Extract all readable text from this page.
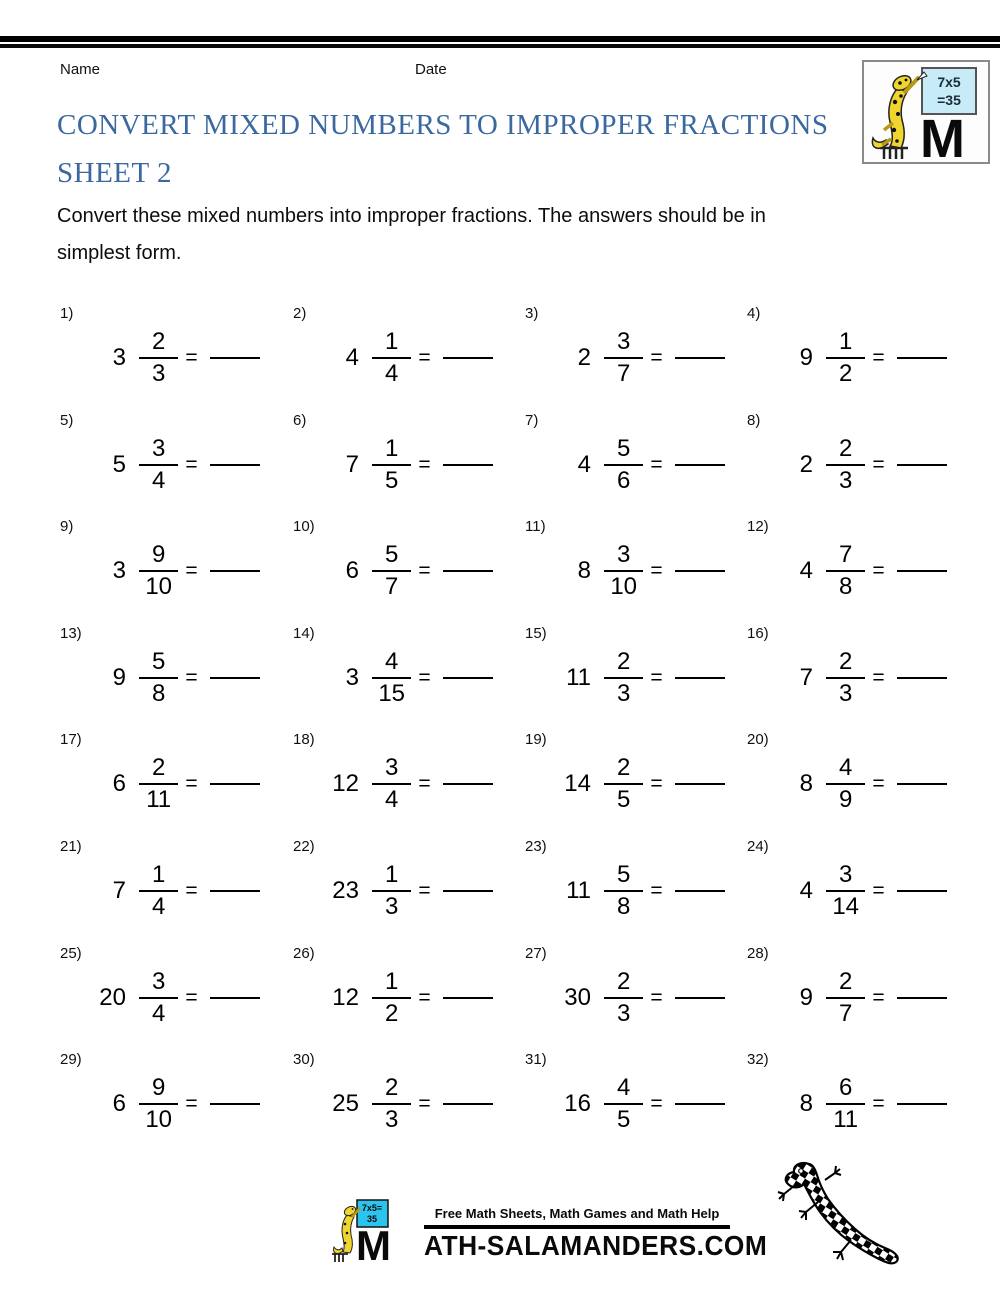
Name	Date
7x5
=35
M
CONVERT MIXED NUMBERS TO IMPROPER FRACTIONS
SHEET 2
Convert these mixed numbers into improper fractions. The answers should be in
simplest form.
1)
$3 \frac{2}{3}$ =
2)
$4 \frac{1}{4}$ =
3)
$2 \frac{3}{7}$ =
4)
$9 \frac{1}{2}$ =
5)
$5 \frac{3}{4}$ =
6)
$7 \frac{1}{5}$ =
7)
$4 \frac{5}{6}$ =
8)
$2 \frac{2}{3}$ =
9)
$3 \frac{9}{10}$ =
10)
$6 \frac{5}{7}$ =
11)
$8 \frac{3}{10}$ =
12)
$4 \frac{7}{8}$ =
13)
$9 \frac{5}{8}$ =
14)
$3 \frac{4}{15}$ =
15)
$11 \frac{2}{3}$ =
16)
$7 \frac{2}{3}$ =
17)
$6 \frac{2}{11}$ =
18)
$12 \frac{3}{4}$ =
19)
$14 \frac{2}{5}$ =
20)
$8 \frac{4}{9}$ =
21)
$7 \frac{1}{4}$ =
22)
$23 \frac{1}{3}$ =
23)
$11 \frac{5}{8}$ =
24)
$4 \frac{3}{14}$ =
25)
$20 \frac{3}{4}$ =
26)
$12 \frac{1}{2}$ =
27)
$30 \frac{2}{3}$ =
28)
$9 \frac{2}{7}$ =
29)
$6 \frac{9}{10}$ =
30)
$25 \frac{2}{3}$ =
31)
$16 \frac{4}{5}$ =
32)
$8 \frac{6}{11}$ =
7x5=
35
M
Free Math Sheets, Math Games and Math Help
ATH-SALAMANDERS.COM
